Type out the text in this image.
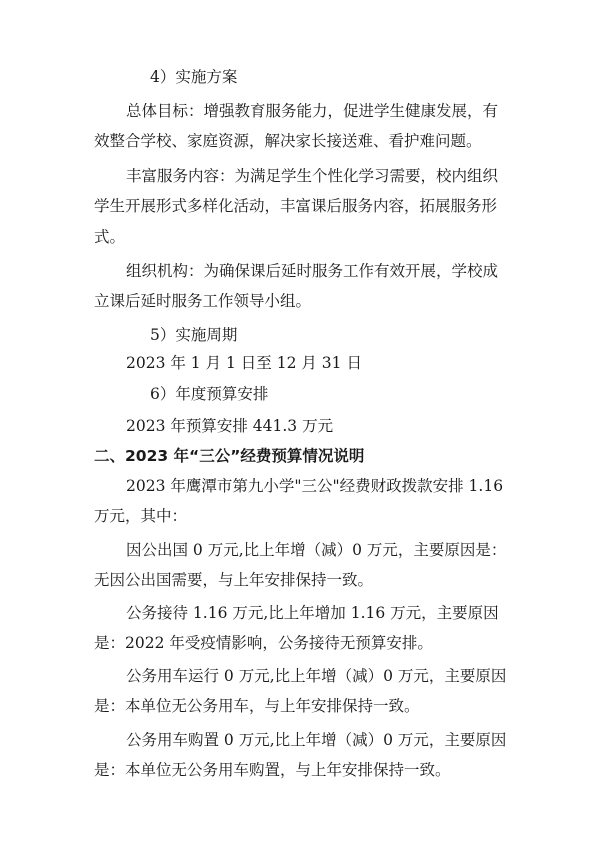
4）实施方案
总体目标：增强教育服务能力，促进学生健康发展，有
效整合学校、家庭资源，解决家长接送难、看护难问题。
丰富服务内容：为满足学生个性化学习需要，校内组织
学生开展形式多样化活动，丰富课后服务内容，拓展服务形
式。
组织机构：为确保课后延时服务工作有效开展，学校成
立课后延时服务工作领导小组。
5）实施周期
2023 年 1 月 1 日至 12 月 31 日
6）年度预算安排
2023 年预算安排 441.3 万元
二、2023 年“三公”经费预算情况说明
2023 年鹰潭市第九小学"三公"经费财政拨款安排 1.16
万元，其中：
因公出国 0 万元,比上年增（减）0 万元，主要原因是：
无因公出国需要，与上年安排保持一致。
公务接待 1.16 万元,比上年增加 1.16 万元，主要原因
是：2022 年受疫情影响，公务接待无预算安排。
公务用车运行 0 万元,比上年增（减）0 万元，主要原因
是：本单位无公务用车，与上年安排保持一致。
公务用车购置 0 万元,比上年增（减）0 万元，主要原因
是：本单位无公务用车购置，与上年安排保持一致。
